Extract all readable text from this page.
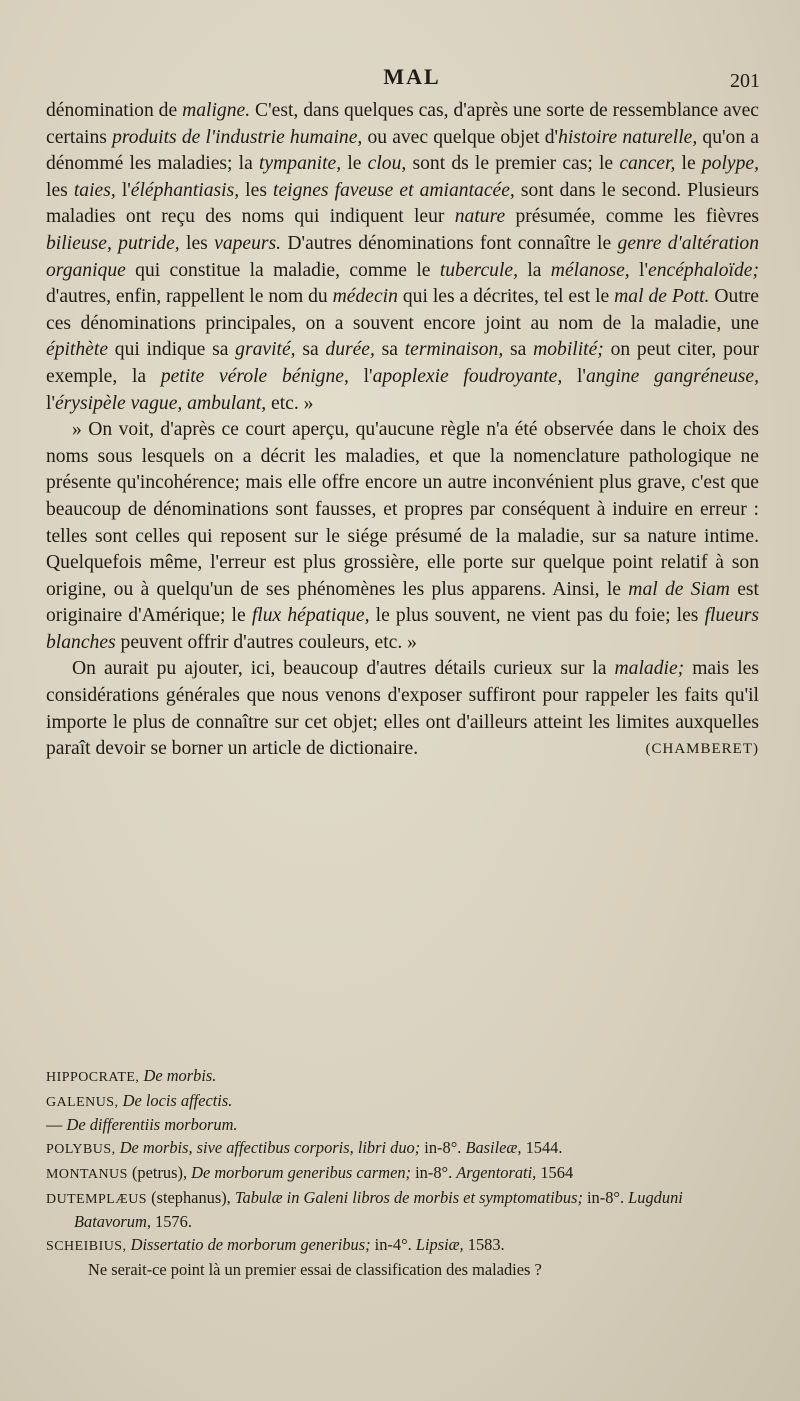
MAL	201

dénomination de maligne. C'est, dans quelques cas, d'après une sorte de ressemblance avec certains produits de l'industrie humaine, ou avec quelque objet d'histoire naturelle, qu'on a dénommé les maladies; la tympanite, le clou, sont ds le premier cas; le cancer, le polype, les taies, l'éléphantiasis, les teignes faveuse et amiantacée, sont dans le second. Plusieurs maladies ont reçu des noms qui indiquent leur nature présumée, comme les fièvres bilieuse, putride, les vapeurs. D'autres dénominations font connaître le genre d'altération organique qui constitue la maladie, comme le tubercule, la mélanose, l'encéphaloïde; d'autres, enfin, rappellent le nom du médecin qui les a décrites, tel est le mal de Pott. Outre ces dénominations principales, on a souvent encore joint au nom de la maladie, une épithète qui indique sa gravité, sa durée, sa terminaison, sa mobilité; on peut citer, pour exemple, la petite vérole bénigne, l'apoplexie foudroyante, l'angine gangréneuse, l'érysipèle vague, ambulant, etc. »

» On voit, d'après ce court aperçu, qu'aucune règle n'a été observée dans le choix des noms sous lesquels on a décrit les maladies, et que la nomenclature pathologique ne présente qu'incohérence; mais elle offre encore un autre inconvénient plus grave, c'est que beaucoup de dénominations sont fausses, et propres par conséquent à induire en erreur : telles sont celles qui reposent sur le siége présumé de la maladie, sur sa nature intime. Quelquefois même, l'erreur est plus grossière, elle porte sur quelque point relatif à son origine, ou à quelqu'un de ses phénomènes les plus apparens. Ainsi, le mal de Siam est originaire d'Amérique; le flux hépatique, le plus souvent, ne vient pas du foie; les flueurs blanches peuvent offrir d'autres couleurs, etc. »

On aurait pu ajouter, ici, beaucoup d'autres détails curieux sur la maladie; mais les considérations générales que nous venons d'exposer suffiront pour rappeler les faits qu'il importe le plus de connaître sur cet objet; elles ont d'ailleurs atteint les limites auxquelles paraît devoir se borner un article de dictionaire.	(CHAMBERET)

HIPPOCRATE, De morbis.

GALENUS, De locis affectis.

— De differentiis morborum.

POLYBUS, De morbis, sive affectibus corporis, libri duo; in-8°. Basileæ, 1544.

MONTANUS (petrus), De morborum generibus carmen; in-8°. Argentorati, 1564

DUTEMPLÆUS (stephanus), Tabulæ in Galeni libros de morbis et symptomatibus; in-8°. Lugduni Batavorum, 1576.

SCHEIBIUS, Dissertatio de morborum generibus; in-4°. Lipsiæ, 1583.

Ne serait-ce point là un premier essai de classification des maladies ?
